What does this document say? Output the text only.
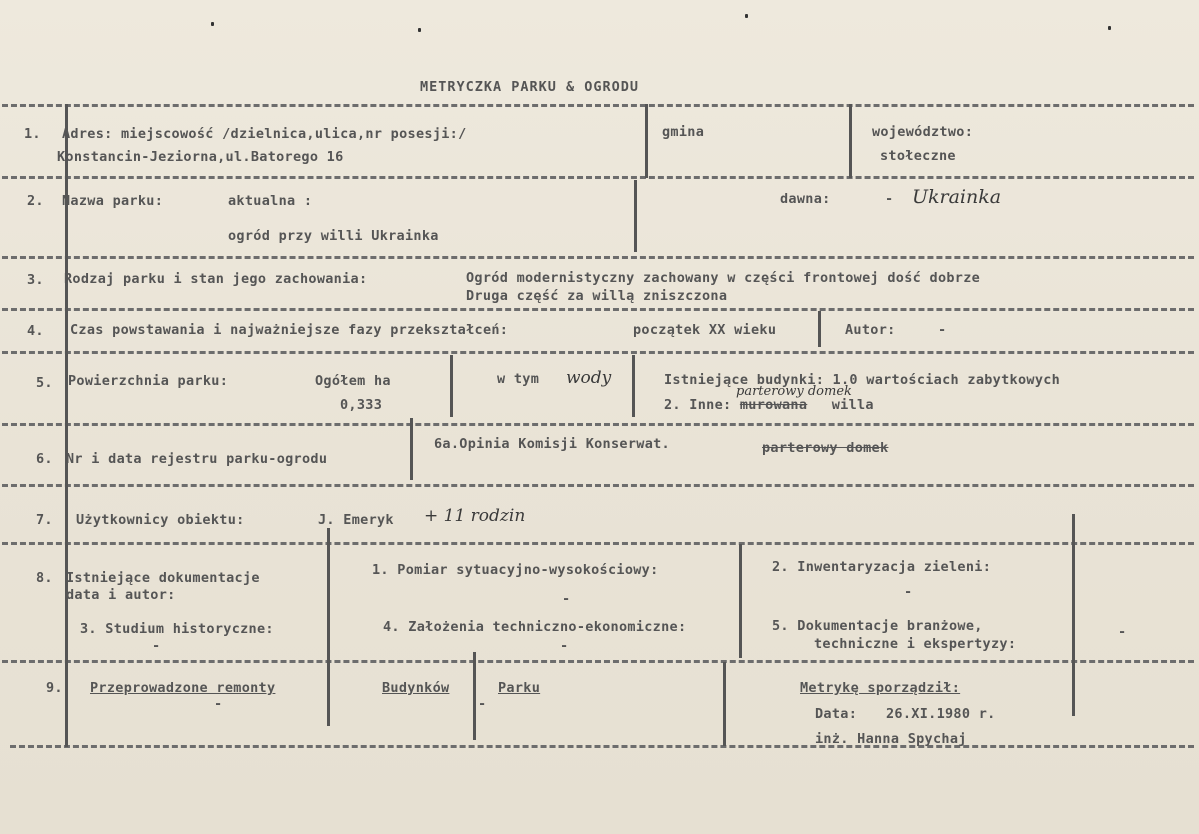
METRYCZKA PARKU & OGRODU
1. Adres: miejscowość /dzielnica,ulica,nr posesji:/
Konstancin-Jeziorna,ul.Batorego 16
gmina	województwo:
stołeczne
2. Nazwa parku:	aktualna :
ogród przy willi Ukrainka
dawna:	- Ukrainka
3. Rodzaj parku i stan jego zachowania:	Ogród modernistyczny zachowany w części frontowej dość dobrze
Druga część za willą zniszczona
4. Czas powstawania i najważniejsze fazy przekształceń:	początek XX wieku	Autor:	-
5. Powierzchnia parku:	Ogółem ha
0,333
w tym wody	Istniejące budynki: 1.0 wartościach zabytkowych
2. Inne: murowana willa
parterowy domek
6. Nr i data rejestru parku-ogrodu
6a.Opinia Komisji Konserwat.	parterowy domek
7. Użytkownicy obiektu:	J. Emeryk + 11 rodzin
8. Istniejące dokumentacje
data i autor:
1. Pomiar sytuacyjno-wysokościowy:
-
2. Inwentaryzacja zieleni:
-
3. Studium historyczne:
-
4. Założenia techniczno-ekonomiczne:
-
5. Dokumentacje branżowe,
techniczne i ekspertyzy:
-
9. Przeprowadzone remonty
-
Budynków	Parku
-
Metrykę sporządził:
Data: 26.XI.1980 r.
inż. Hanna Spychaj
